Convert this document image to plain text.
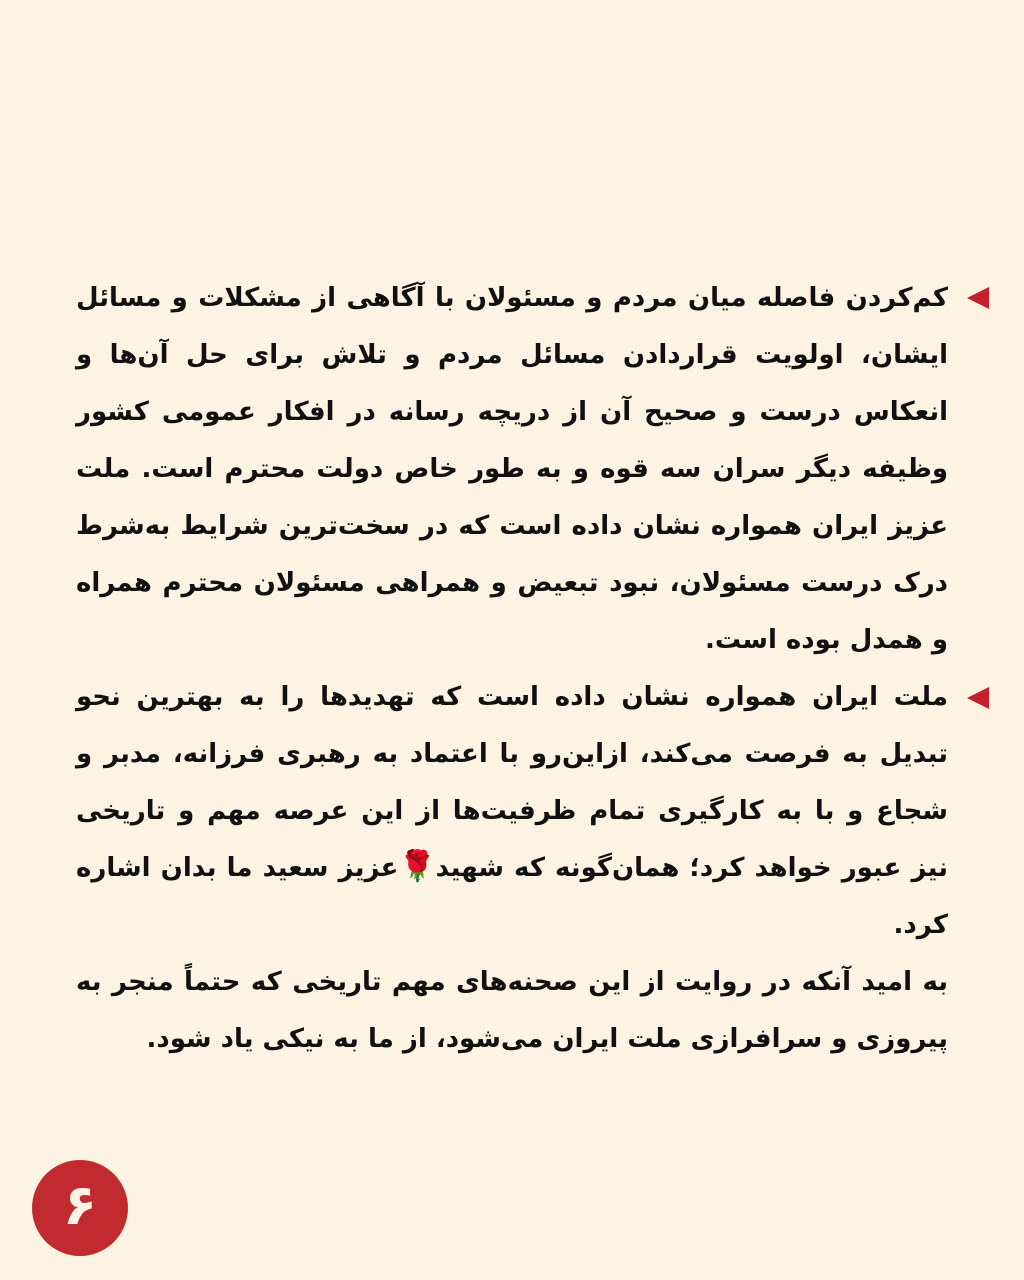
کم‌کردن فاصله میان مردم و مسئولان با آگاهی از مشکلات و مسائل ایشان، اولویت قراردادن مسائل مردم و تلاش برای حل آن‌ها و انعکاس درست و صحیح آن از دریچه رسانه در افکار عمومی کشور وظیفه دیگر سران سه قوه و به طور خاص دولت محترم است. ملت عزیز ایران همواره نشان داده است که در سخت‌ترین شرایط به‌شرط درک درست مسئولان، نبود تبعیض و همراهی مسئولان محترم همراه و همدل بوده است.

ملت ایران همواره نشان داده است که تهدیدها را به بهترین نحو تبدیل به فرصت می‌کند، ازاین‌رو با اعتماد به رهبری فرزانه، مدبر و شجاع و با به کارگیری تمام ظرفیت‌ها از این عرصه مهم و تاریخی نیز عبور خواهد کرد؛ همان‌گونه که شهید🌹عزیز سعید ما بدان اشاره کرد.

به امید آنکه در روایت از این صحنه‌های مهم تاریخی که حتماً منجر به پیروزی و سرافرازی ملت ایران می‌شود، از ما به نیکی یاد شود.

۶
